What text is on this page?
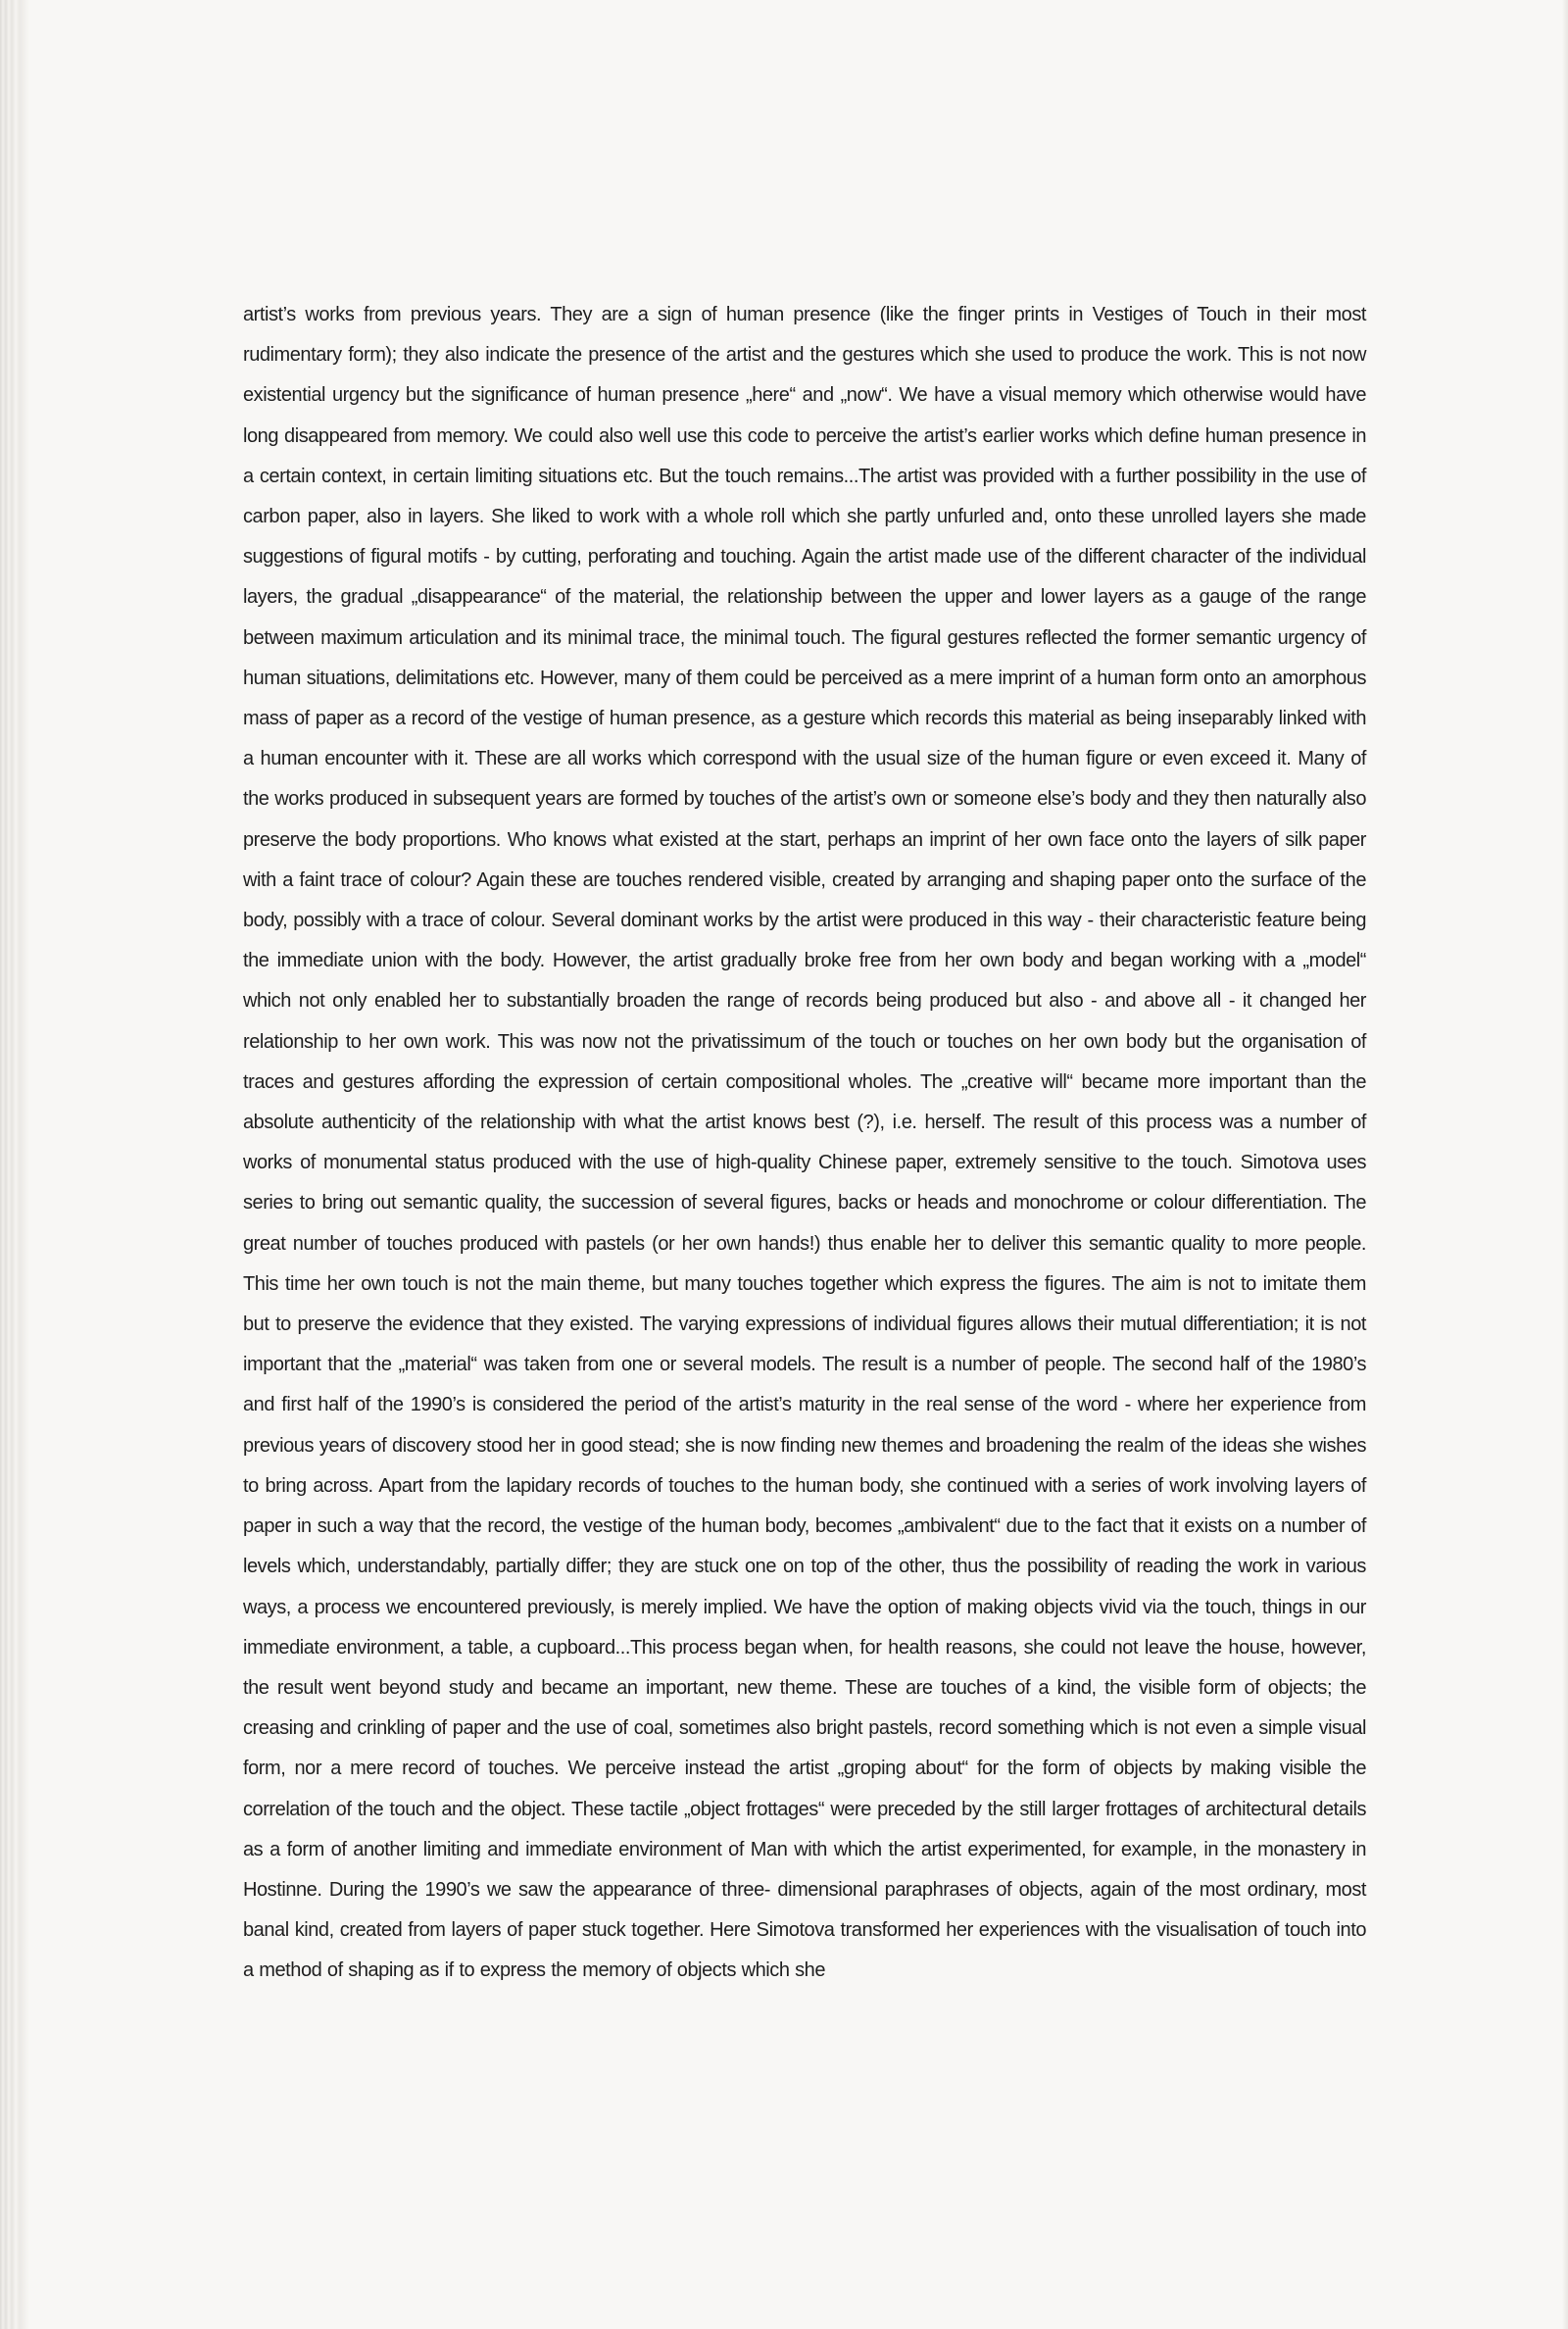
artist’s works from previous years. They are a sign of human presence (like the finger prints in Vestiges of Touch in their most rudimentary form); they also indicate the presence of the artist and the gestures which she used to produce the work. This is not now existential urgency but the significance of human presence „here“ and „now“. We have a visual memory which otherwise would have long disappeared from memory. We could also well use this code to perceive the artist’s earlier works which define human presence in a certain context, in certain limiting situations etc. But the touch remains...The artist was provided with a further possibility in the use of carbon paper, also in layers. She liked to work with a whole roll which she partly unfurled and, onto these unrolled layers she made suggestions of figural motifs - by cutting, perforating and touching. Again the artist made use of the different character of the individual layers, the gradual „disappearance“ of the material, the relationship between the upper and lower layers as a gauge of the range between maximum articulation and its minimal trace, the minimal touch. The figural gestures reflected the former semantic urgency of human situations, delimitations etc. However, many of them could be perceived as a mere imprint of a human form onto an amorphous mass of paper as a record of the vestige of human presence, as a gesture which records this material as being inseparably linked with a human encounter with it. These are all works which correspond with the usual size of the human figure or even exceed it. Many of the works produced in subsequent years are formed by touches of the artist’s own or someone else’s body and they then naturally also preserve the body proportions. Who knows what existed at the start, perhaps an imprint of her own face onto the layers of silk paper with a faint trace of colour? Again these are touches rendered visible, created by arranging and shaping paper onto the surface of the body, possibly with a trace of colour. Several dominant works by the artist were produced in this way - their characteristic feature being the immediate union with the body. However, the artist gradually broke free from her own body and began working with a „model“ which not only enabled her to substantially broaden the range of records being produced but also - and above all - it changed her relationship to her own work. This was now not the privatissimum of the touch or touches on her own body but the organisation of traces and gestures affording the expression of certain compositional wholes. The „creative will“ became more important than the absolute authenticity of the relationship with what the artist knows best (?), i.e. herself. The result of this process was a number of works of monumental status produced with the use of high-quality Chinese paper, extremely sensitive to the touch. Simotova uses series to bring out semantic quality, the succession of several figures, backs or heads and monochrome or colour differentiation. The great number of touches produced with pastels (or her own hands!) thus enable her to deliver this semantic quality to more people. This time her own touch is not the main theme, but many touches together which express the figures. The aim is not to imitate them but to preserve the evidence that they existed. The varying expressions of individual figures allows their mutual differentiation; it is not important that the „material“ was taken from one or several models. The result is a number of people. The second half of the 1980’s and first half of the 1990’s is considered the period of the artist’s maturity in the real sense of the word - where her experience from previous years of discovery stood her in good stead; she is now finding new themes and broadening the realm of the ideas she wishes to bring across. Apart from the lapidary records of touches to the human body, she continued with a series of work involving layers of paper in such a way that the record, the vestige of the human body, becomes „ambivalent“ due to the fact that it exists on a number of levels which, understandably, partially differ; they are stuck one on top of the other, thus the possibility of reading the work in various ways, a process we encountered previously, is merely implied. We have the option of making objects vivid via the touch, things in our immediate environment, a table, a cupboard...This process began when, for health reasons, she could not leave the house, however, the result went beyond study and became an important, new theme. These are touches of a kind, the visible form of objects; the creasing and crinkling of paper and the use of coal, sometimes also bright pastels, record something which is not even a simple visual form, nor a mere record of touches. We perceive instead the artist „groping about“ for the form of objects by making visible the correlation of the touch and the object. These tactile „object frottages“ were preceded by the still larger frottages of architectural details as a form of another limiting and immediate environment of Man with which the artist experimented, for example, in the monastery in Hostinne. During the 1990’s we saw the appearance of three- dimensional paraphrases of objects, again of the most ordinary, most banal kind, created from layers of paper stuck together. Here Simotova transformed her experiences with the visualisation of touch into a method of shaping as if to express the memory of objects which she
